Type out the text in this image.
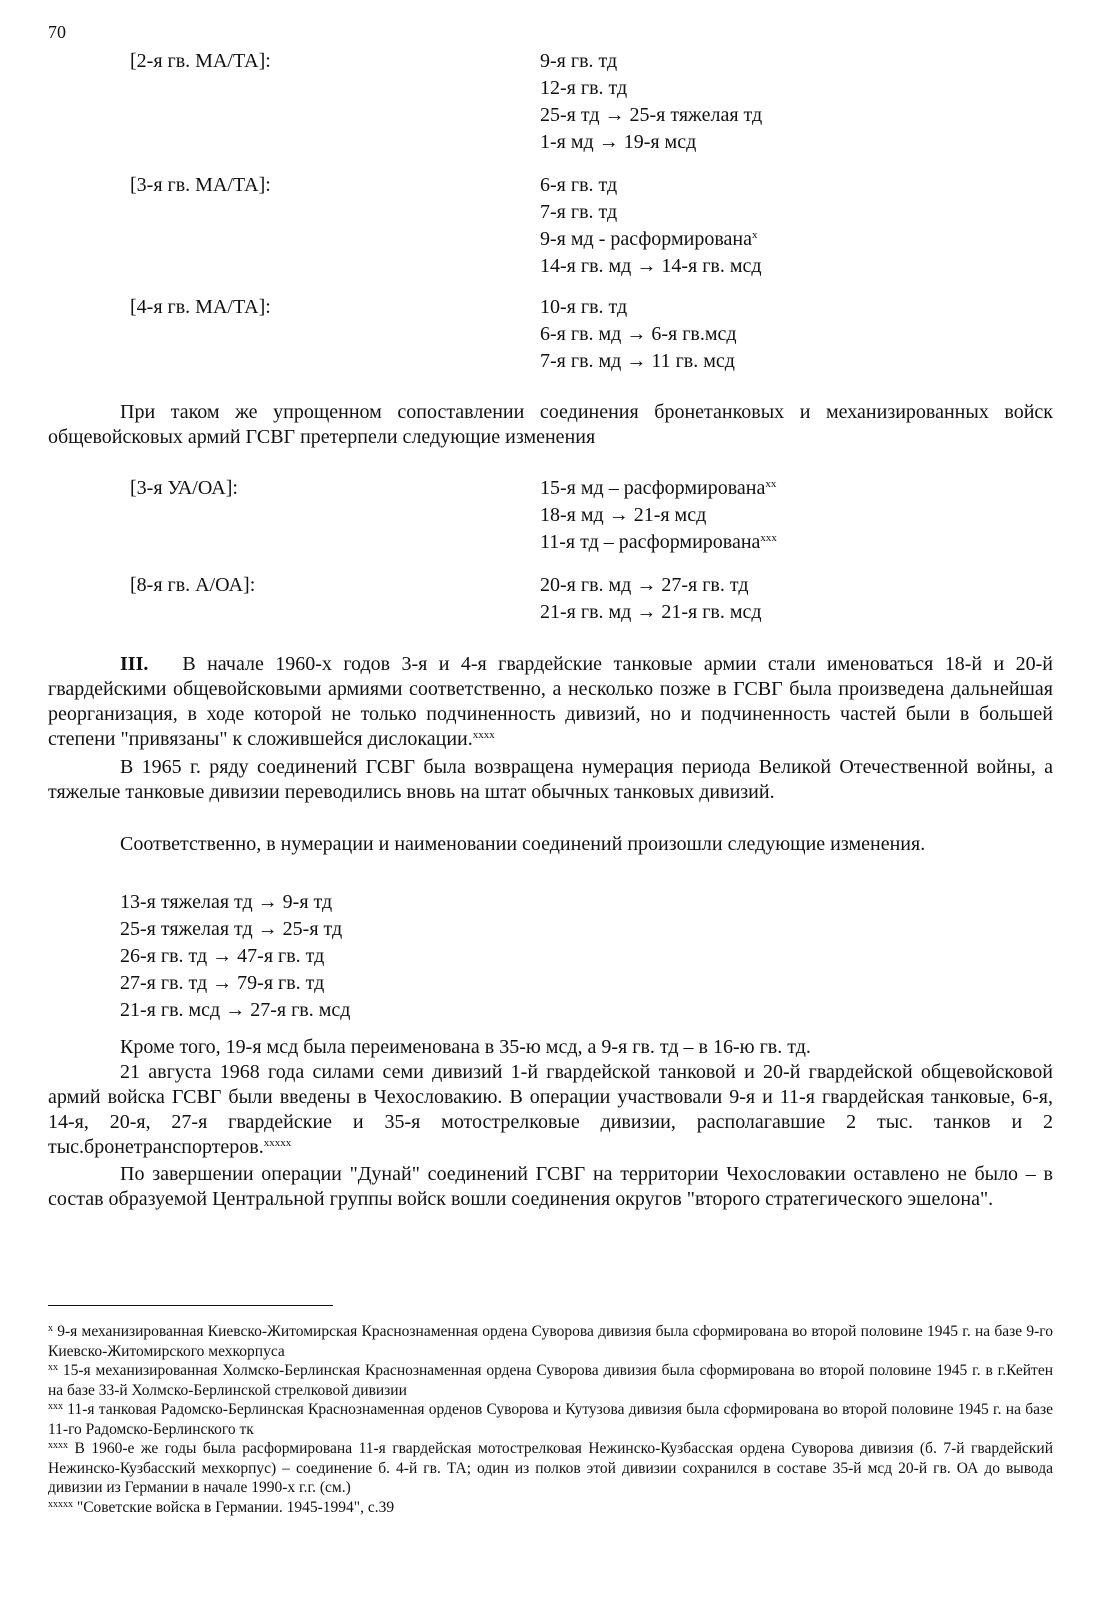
70
[2-я гв. МА/ТА]:	9-я гв. тд
12-я гв. тд
25-я тд → 25-я тяжелая тд
1-я мд → 19-я мсд
[3-я гв. МА/ТА]:	6-я гв. тд
7-я гв. тд
9-я мд - расформирована$^x$
14-я гв. мд → 14-я гв. мсд
[4-я гв. МА/ТА]:	10-я гв. тд
6-я гв. мд → 6-я гв.мсд
7-я гв. мд → 11 гв. мсд

При таком же упрощенном сопоставлении соединения бронетанковых и механизированных войск общевойсковых армий ГСВГ претерпели следующие изменения

[3-я УА/ОА]:	15-я мд – расформирована$^{xx}$
18-я мд → 21-я мсд
11-я тд – расформирована$^{xxx}$
[8-я гв. А/ОА]:	20-я гв. мд → 27-я гв. тд
21-я гв. мд → 21-я гв. мсд

III. В начале 1960-х годов 3-я и 4-я гвардейские танковые армии стали именоваться 18-й и 20-й гвардейскими общевойсковыми армиями соответственно, а несколько позже в ГСВГ была произведена дальнейшая реорганизация, в ходе которой не только подчиненность дивизий, но и подчиненность частей были в большей степени "привязаны" к сложившейся дислокации.$^{xxxx}$

В 1965 г. ряду соединений ГСВГ была возвращена нумерация периода Великой Отечественной войны, а тяжелые танковые дивизии переводились вновь на штат обычных танковых дивизий.

Соответственно, в нумерации и наименовании соединений произошли следующие изменения.

13-я тяжелая тд → 9-я тд
25-я тяжелая тд → 25-я тд
26-я гв. тд → 47-я гв. тд
27-я гв. тд → 79-я гв. тд
21-я гв. мсд → 27-я гв. мсд

Кроме того, 19-я мсд была переименована в 35-ю мсд, а 9-я гв. тд – в 16-ю гв. тд.

21 августа 1968 года силами семи дивизий 1-й гвардейской танковой и 20-й гвардейской общевойсковой армий войска ГСВГ были введены в Чехословакию. В операции участвовали 9-я и 11-я гвардейская танковые, 6-я, 14-я, 20-я, 27-я гвардейские и 35-я мотострелковые дивизии, располагавшие 2 тыс. танков и 2 тыс.бронетранспортеров.$^{xxxxx}$

По завершении операции "Дунай" соединений ГСВГ на территории Чехословакии оставлено не было – в состав образуемой Центральной группы войск вошли соединения округов "второго стратегического эшелона".

$^x$ 9-я механизированная Киевско-Житомирская Краснознаменная ордена Суворова дивизия была сформирована во второй половине 1945 г. на базе 9-го Киевско-Житомирского мехкорпуса

$^{xx}$ 15-я механизированная Холмско-Берлинская Краснознаменная ордена Суворова дивизия была сформирована во второй половине 1945 г. в г.Кейтен на базе 33-й Холмско-Берлинской стрелковой дивизии

$^{xxx}$ 11-я танковая Радомско-Берлинская Краснознаменная орденов Суворова и Кутузова дивизия была сформирована во второй половине 1945 г. на базе 11-го Радомско-Берлинского тк

$^{xxxx}$ В 1960-е же годы была расформирована 11-я гвардейская мотострелковая Нежинско-Кузбасская ордена Суворова дивизия (б. 7-й гвардейский Нежинско-Кузбасский мехкорпус) – соединение б. 4-й гв. ТА; один из полков этой дивизии сохранился в составе 35-й мсд 20-й гв. ОА до вывода дивизии из Германии в начале 1990-х г.г. (см.)

$^{xxxxx}$ "Советские войска в Германии. 1945-1994", с.39
